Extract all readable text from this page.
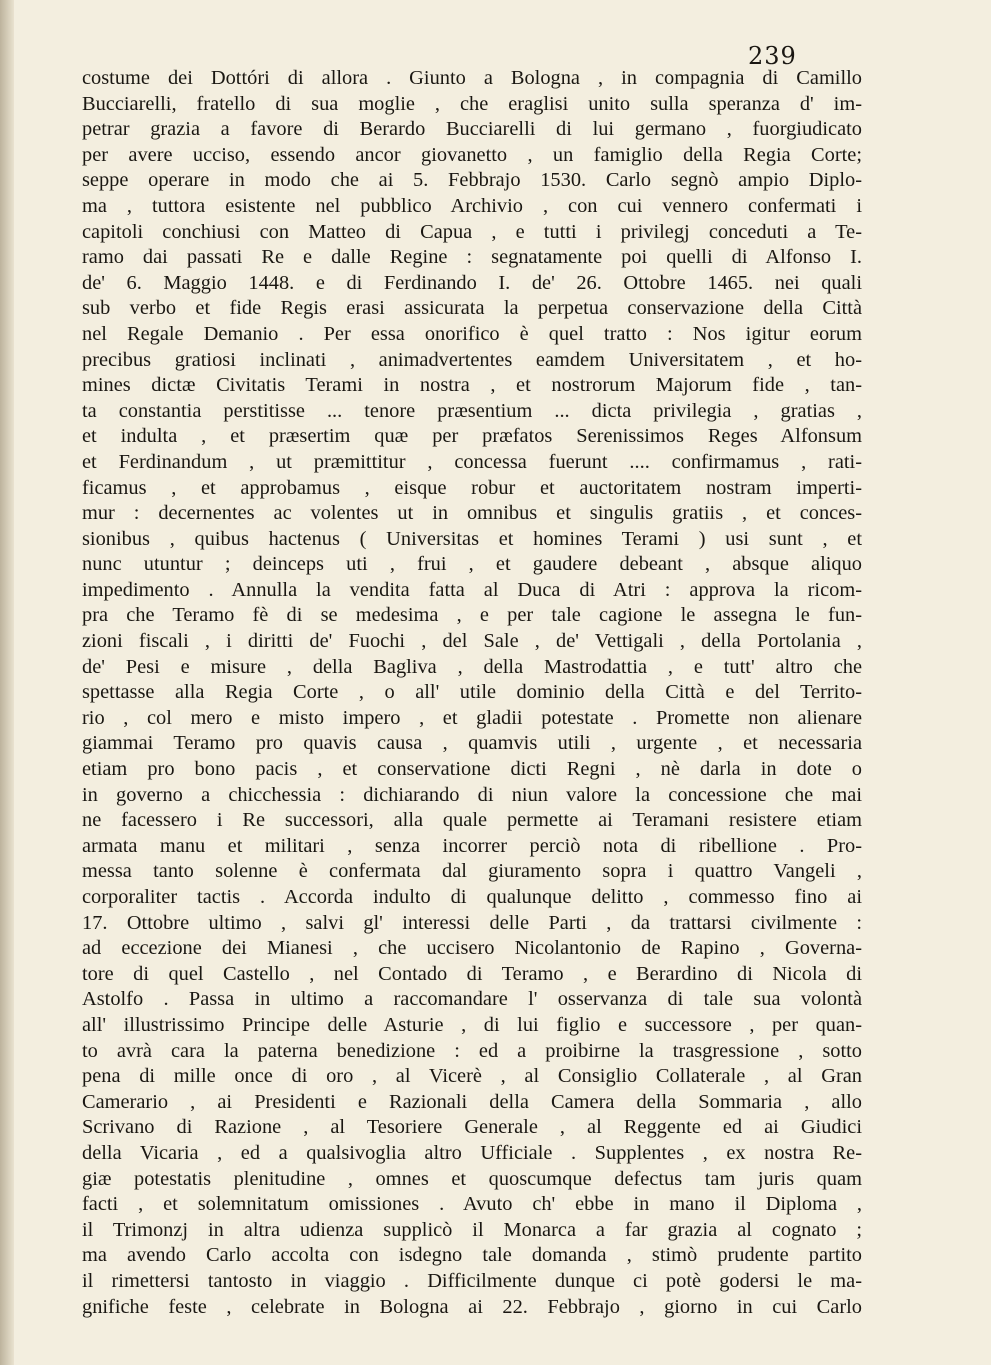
239
costume dei Dottóri di allora . Giunto a Bologna , in compagnia di Camillo
Bucciarelli, fratello di sua moglie , che eraglisi unito sulla speranza d' im-
petrar grazia a favore di Berardo Bucciarelli di lui germano , fuorgiudicato
per avere ucciso, essendo ancor giovanetto , un famiglio della Regia Corte;
seppe operare in modo che ai 5. Febbrajo 1530. Carlo segnò ampio Diplo-
ma , tuttora esistente nel pubblico Archivio , con cui vennero confermati i
capitoli conchiusi con Matteo di Capua , e tutti i privilegj conceduti a Te-
ramo dai passati Re e dalle Regine : segnatamente poi quelli di Alfonso I.
de' 6. Maggio 1448. e di Ferdinando I. de' 26. Ottobre 1465. nei quali
sub verbo et fide Regis erasi assicurata la perpetua conservazione della Città
nel Regale Demanio . Per essa onorifico è quel tratto : Nos igitur eorum
precibus gratiosi inclinati , animadvertentes eamdem Universitatem , et ho-
mines dictæ Civitatis Terami in nostra , et nostrorum Majorum fide , tan-
ta constantia perstitisse ... tenore præsentium ... dicta privilegia , gratias ,
et indulta , et præsertim quæ per præfatos Serenissimos Reges Alfonsum
et Ferdinandum , ut præmittitur , concessa fuerunt .... confirmamus , rati-
ficamus , et approbamus , eisque robur et auctoritatem nostram imperti-
mur : decernentes ac volentes ut in omnibus et singulis gratiis , et conces-
sionibus , quibus hactenus ( Universitas et homines Terami ) usi sunt , et
nunc utuntur ; deinceps uti , frui , et gaudere debeant , absque aliquo
impedimento . Annulla la vendita fatta al Duca di Atri : approva la ricom-
pra che Teramo fè di se medesima , e per tale cagione le assegna le fun-
zioni fiscali , i diritti de' Fuochi , del Sale , de' Vettigali , della Portolania ,
de' Pesi e misure , della Bagliva , della Mastrodattia , e tutt' altro che
spettasse alla Regia Corte , o all' utile dominio della Città e del Territo-
rio , col mero e misto impero , et gladii potestate . Promette non alienare
giammai Teramo pro quavis causa , quamvis utili , urgente , et necessaria
etiam pro bono pacis , et conservatione dicti Regni , nè darla in dote o
in governo a chicchessia : dichiarando di niun valore la concessione che mai
ne facessero i Re successori, alla quale permette ai Teramani resistere etiam
armata manu et militari , senza incorrer perciò nota di ribellione . Pro-
messa tanto solenne è confermata dal giuramento sopra i quattro Vangeli ,
corporaliter tactis . Accorda indulto di qualunque delitto , commesso fino ai
17. Ottobre ultimo , salvi gl' interessi delle Parti , da trattarsi civilmente :
ad eccezione dei Mianesi , che uccisero Nicolantonio de Rapino , Governa-
tore di quel Castello , nel Contado di Teramo , e Berardino di Nicola di
Astolfo . Passa in ultimo a raccomandare l' osservanza di tale sua volontà
all' illustrissimo Principe delle Asturie , di lui figlio e successore , per quan-
to avrà cara la paterna benedizione : ed a proibirne la trasgressione , sotto
pena di mille once di oro , al Vicerè , al Consiglio Collaterale , al Gran
Camerario , ai Presidenti e Razionali della Camera della Sommaria , allo
Scrivano di Razione , al Tesoriere Generale , al Reggente ed ai Giudici
della Vicaria , ed a qualsivoglia altro Ufficiale . Supplentes , ex nostra Re-
giæ potestatis plenitudine , omnes et quoscumque defectus tam juris quam
facti , et solemnitatum omissiones . Avuto ch' ebbe in mano il Diploma ,
il Trimonzj in altra udienza supplicò il Monarca a far grazia al cognato ;
ma avendo Carlo accolta con isdegno tale domanda , stimò prudente partito
il rimettersi tantosto in viaggio . Difficilmente dunque ci potè godersi le ma-
gnifiche feste , celebrate in Bologna ai 22. Febbrajo , giorno in cui Carlo
